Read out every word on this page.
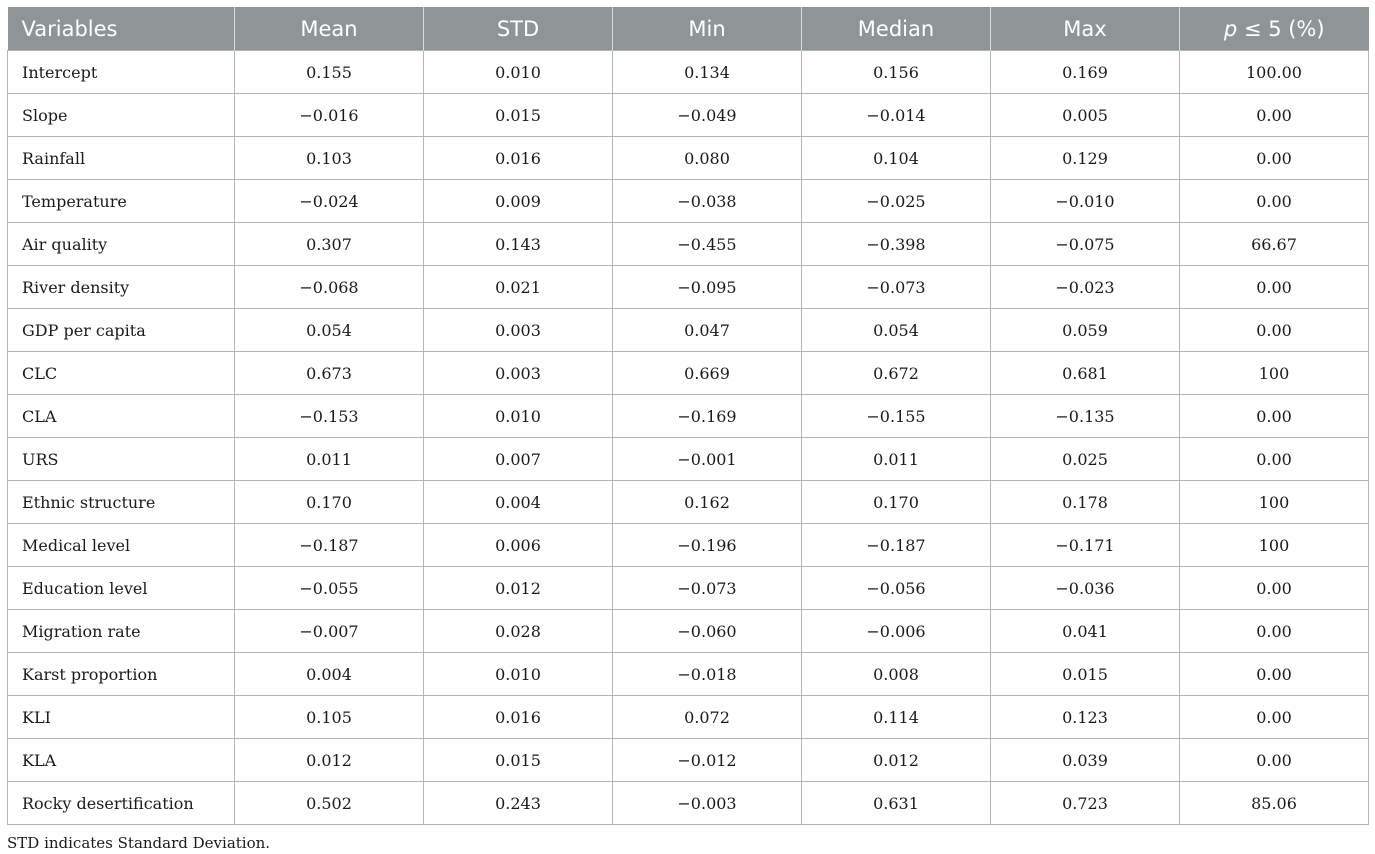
Variables	Mean	STD	Min	Median	Max	p ≤ 5 (%)
Intercept	0.155	0.010	0.134	0.156	0.169	100.00
Slope	−0.016	0.015	−0.049	−0.014	0.005	0.00
Rainfall	0.103	0.016	0.080	0.104	0.129	0.00
Temperature	−0.024	0.009	−0.038	−0.025	−0.010	0.00
Air quality	0.307	0.143	−0.455	−0.398	−0.075	66.67
River density	−0.068	0.021	−0.095	−0.073	−0.023	0.00
GDP per capita	0.054	0.003	0.047	0.054	0.059	0.00
CLC	0.673	0.003	0.669	0.672	0.681	100
CLA	−0.153	0.010	−0.169	−0.155	−0.135	0.00
URS	0.011	0.007	−0.001	0.011	0.025	0.00
Ethnic structure	0.170	0.004	0.162	0.170	0.178	100
Medical level	−0.187	0.006	−0.196	−0.187	−0.171	100
Education level	−0.055	0.012	−0.073	−0.056	−0.036	0.00
Migration rate	−0.007	0.028	−0.060	−0.006	0.041	0.00
Karst proportion	0.004	0.010	−0.018	0.008	0.015	0.00
KLI	0.105	0.016	0.072	0.114	0.123	0.00
KLA	0.012	0.015	−0.012	0.012	0.039	0.00
Rocky desertification	0.502	0.243	−0.003	0.631	0.723	85.06
STD indicates Standard Deviation.
